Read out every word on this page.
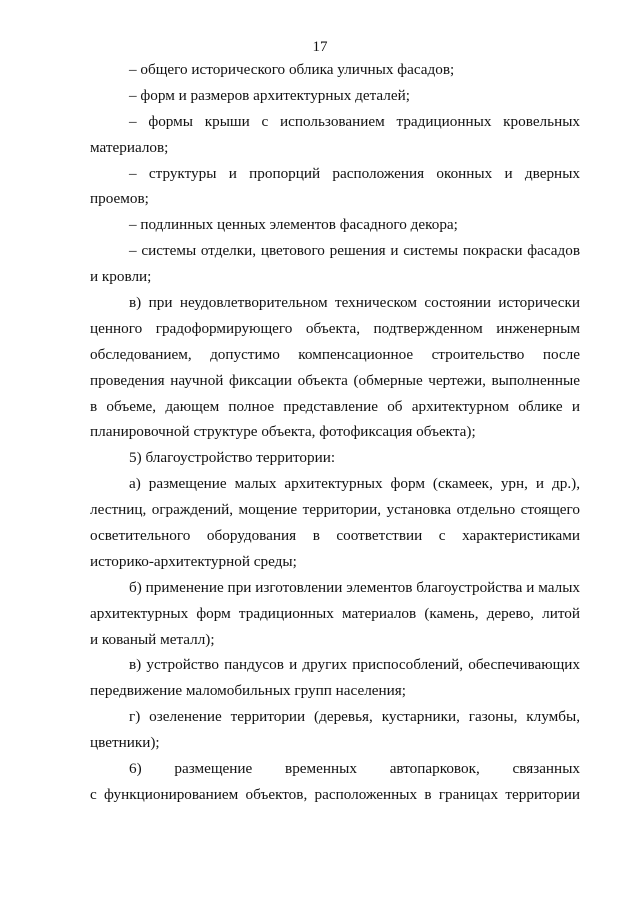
17
– общего исторического облика уличных фасадов;
– форм и размеров архитектурных деталей;
– формы крыши с использованием традиционных кровельных
материалов;
– структуры и пропорций расположения оконных и дверных
проемов;
– подлинных ценных элементов фасадного декора;
– системы отделки, цветового решения и системы покраски фасадов
и кровли;
в) при неудовлетворительном техническом состоянии исторически
ценного градоформирующего объекта, подтвержденном инженерным
обследованием, допустимо компенсационное строительство после
проведения научной фиксации объекта (обмерные чертежи, выполненные
в объеме, дающем полное представление об архитектурном облике и
планировочной структуре объекта, фотофиксация объекта);
5) благоустройство территории:
а) размещение малых архитектурных форм (скамеек, урн, и др.),
лестниц, ограждений, мощение территории, установка отдельно стоящего
осветительного оборудования в соответствии с характеристиками
историко-архитектурной среды;
б) применение при изготовлении элементов благоустройства и малых
архитектурных форм традиционных материалов (камень, дерево, литой
и кованый металл);
в) устройство пандусов и других приспособлений, обеспечивающих
передвижение маломобильных групп населения;
г) озеленение территории (деревья, кустарники, газоны, клумбы,
цветники);
6) размещение временных автопарковок, связанных
с функционированием объектов, расположенных в границах территории
